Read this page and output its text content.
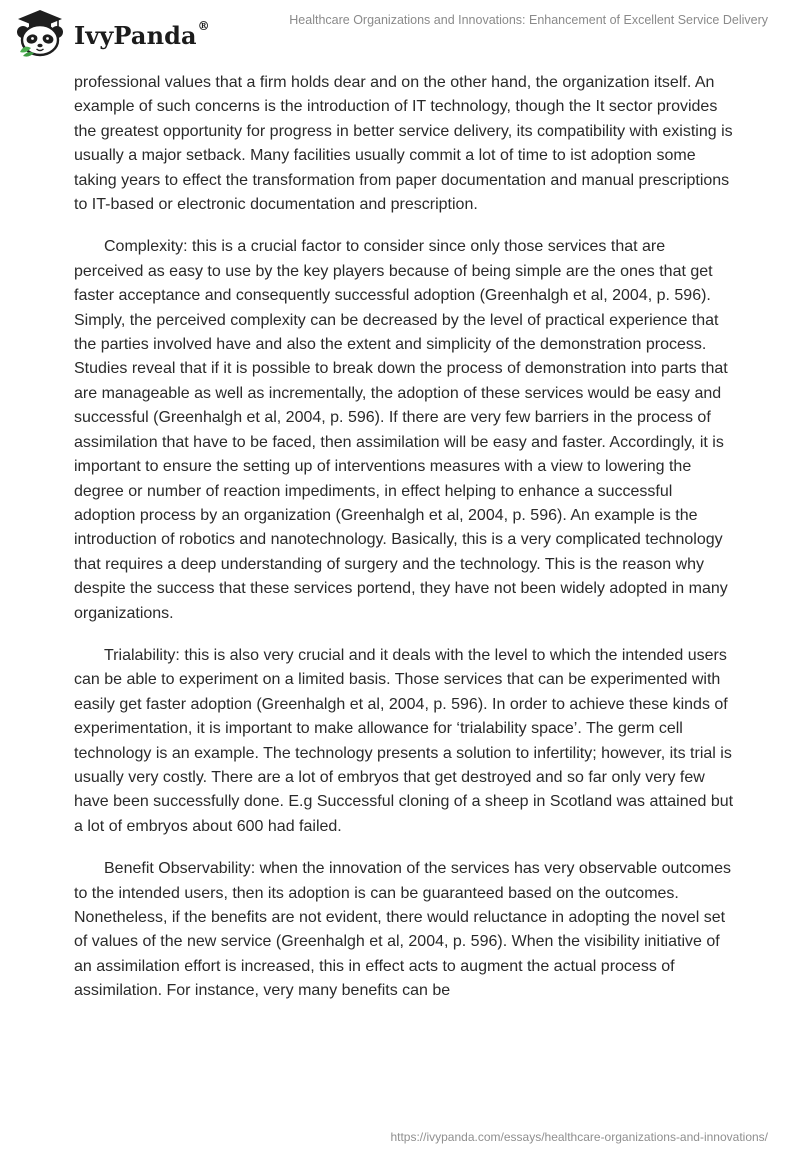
IvyPanda®	Healthcare Organizations and Innovations: Enhancement of Excellent Service Delivery

professional values that a firm holds dear and on the other hand, the organization itself. An example of such concerns is the introduction of IT technology, though the It sector provides the greatest opportunity for progress in better service delivery, its compatibility with existing is usually a major setback. Many facilities usually commit a lot of time to ist adoption some taking years to effect the transformation from paper documentation and manual prescriptions to IT-based or electronic documentation and prescription.

Complexity: this is a crucial factor to consider since only those services that are perceived as easy to use by the key players because of being simple are the ones that get faster acceptance and consequently successful adoption (Greenhalgh et al, 2004, p. 596). Simply, the perceived complexity can be decreased by the level of practical experience that the parties involved have and also the extent and simplicity of the demonstration process. Studies reveal that if it is possible to break down the process of demonstration into parts that are manageable as well as incrementally, the adoption of these services would be easy and successful (Greenhalgh et al, 2004, p. 596). If there are very few barriers in the process of assimilation that have to be faced, then assimilation will be easy and faster. Accordingly, it is important to ensure the setting up of interventions measures with a view to lowering the degree or number of reaction impediments, in effect helping to enhance a successful adoption process by an organization (Greenhalgh et al, 2004, p. 596). An example is the introduction of robotics and nanotechnology. Basically, this is a very complicated technology that requires a deep understanding of surgery and the technology. This is the reason why despite the success that these services portend, they have not been widely adopted in many organizations.

Trialability: this is also very crucial and it deals with the level to which the intended users can be able to experiment on a limited basis. Those services that can be experimented with easily get faster adoption (Greenhalgh et al, 2004, p. 596). In order to achieve these kinds of experimentation, it is important to make allowance for ‘trialability space’. The germ cell technology is an example. The technology presents a solution to infertility; however, its trial is usually very costly. There are a lot of embryos that get destroyed and so far only very few have been successfully done. E.g Successful cloning of a sheep in Scotland was attained but a lot of embryos about 600 had failed.

Benefit Observability: when the innovation of the services has very observable outcomes to the intended users, then its adoption is can be guaranteed based on the outcomes. Nonetheless, if the benefits are not evident, there would reluctance in adopting the novel set of values of the new service (Greenhalgh et al, 2004, p. 596). When the visibility initiative of an assimilation effort is increased, this in effect acts to augment the actual process of assimilation. For instance, very many benefits can be

https://ivypanda.com/essays/healthcare-organizations-and-innovations/
